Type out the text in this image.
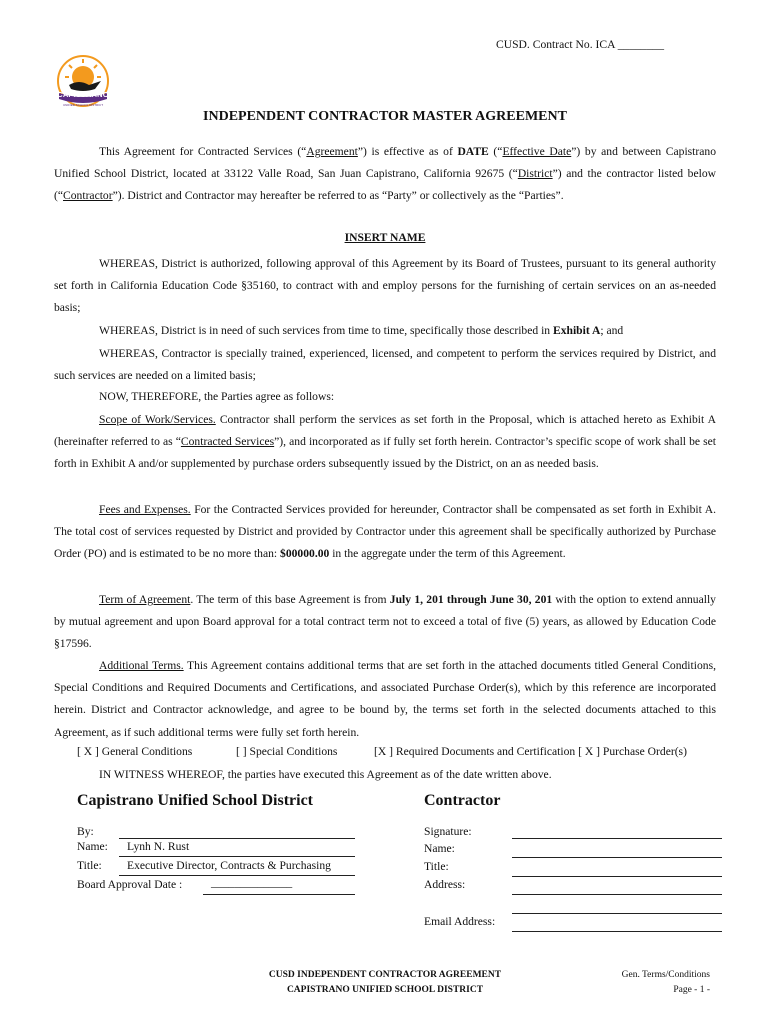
CUSD. Contract No. ICA ________
CAPISTRANO
UNIFIED SCHOOL DISTRICT
INDEPENDENT CONTRACTOR MASTER AGREEMENT
This Agreement for Contracted Services (“Agreement”) is effective as of DATE (“Effective Date”) by and between Capistrano Unified School District, located at 33122 Valle Road, San Juan Capistrano, California 92675 (“District”) and the contractor listed below (“Contractor”). District and Contractor may hereafter be referred to as “Party” or collectively as the “Parties”.
INSERT NAME
WHEREAS, District is authorized, following approval of this Agreement by its Board of Trustees, pursuant to its general authority set forth in California Education Code §35160, to contract with and employ persons for the furnishing of certain services on an as-needed basis;
WHEREAS, District is in need of such services from time to time, specifically those described in Exhibit A; and
WHEREAS, Contractor is specially trained, experienced, licensed, and competent to perform the services required by District, and such services are needed on a limited basis;
NOW, THEREFORE, the Parties agree as follows:
Scope of Work/Services. Contractor shall perform the services as set forth in the Proposal, which is attached hereto as Exhibit A (hereinafter referred to as “Contracted Services”), and incorporated as if fully set forth herein. Contractor’s specific scope of work shall be set forth in Exhibit A and/or supplemented by purchase orders subsequently issued by the District, on an as needed basis.
Fees and Expenses. For the Contracted Services provided for hereunder, Contractor shall be compensated as set forth in Exhibit A. The total cost of services requested by District and provided by Contractor under this agreement shall be specifically authorized by Purchase Order (PO) and is estimated to be no more than: $00000.00 in the aggregate under the term of this Agreement.
Term of Agreement. The term of this base Agreement is from July 1, 201 through June 30, 201 with the option to extend annually by mutual agreement and upon Board approval for a total contract term not to exceed a total of five (5) years, as allowed by Education Code §17596.
Additional Terms. This Agreement contains additional terms that are set forth in the attached documents titled General Conditions, Special Conditions and Required Documents and Certifications, and associated Purchase Order(s), which by this reference are incorporated herein. District and Contractor acknowledge, and agree to be bound by, the terms set forth in the selected documents attached to this Agreement, as if such additional terms were fully set forth herein.
[ X ] General Conditions	[ ] Special Conditions	[X ] Required Documents and Certification [ X ] Purchase Order(s)
IN WITNESS WHEREOF, the parties have executed this Agreement as of the date written above.
Capistrano Unified School District
By:
Name: Lynh N. Rust
Title: Executive Director, Contracts & Purchasing
Board Approval Date : ______________
Contractor
Signature:
Name:
Title:
Address:
Email Address:
CUSD INDEPENDENT CONTRACTOR AGREEMENT
CAPISTRANO UNIFIED SCHOOL DISTRICT
Gen. Terms/Conditions
Page - 1 -
